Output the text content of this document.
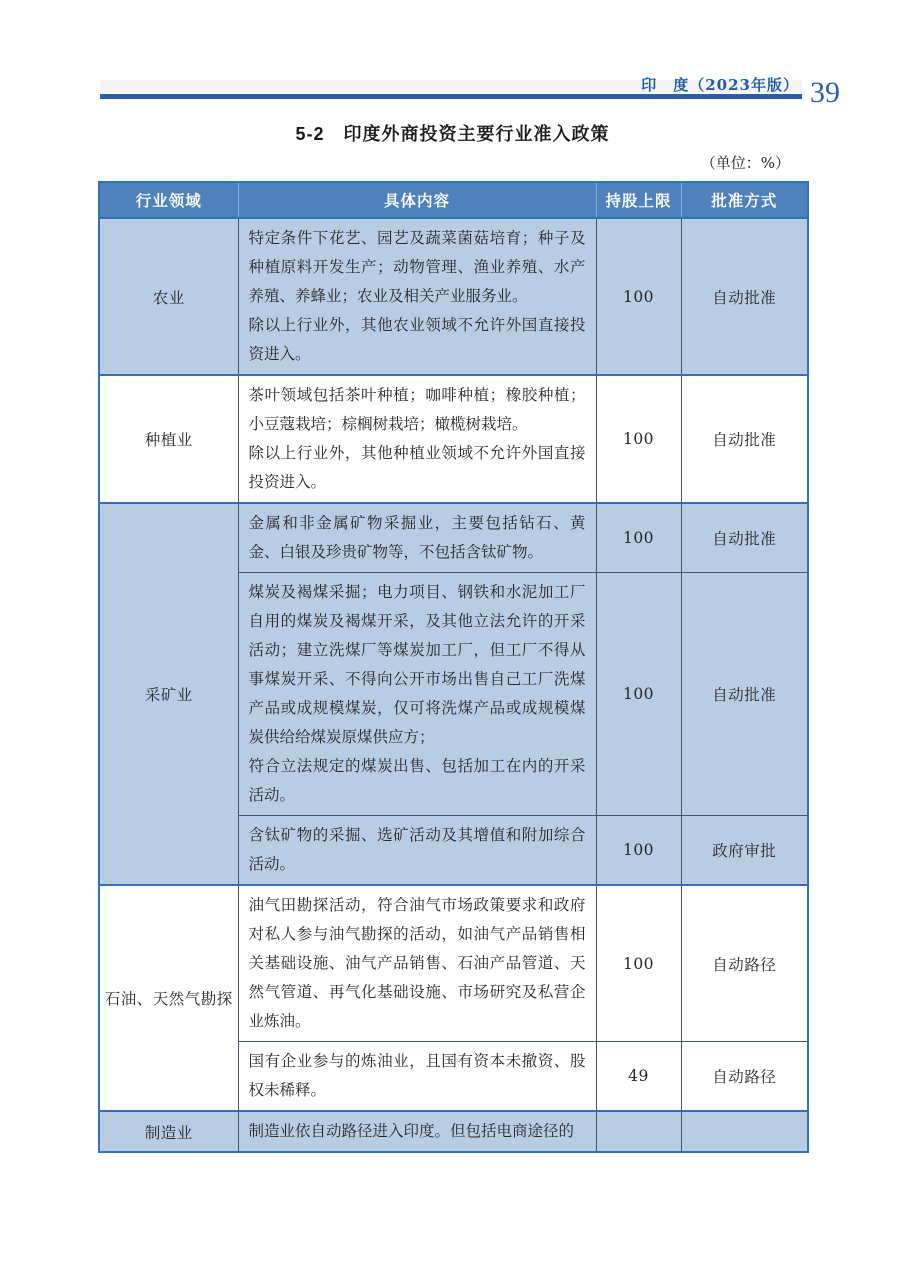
印　度（2023年版） 39
5-2　印度外商投资主要行业准入政策
（单位：%）
行业领域	具体内容	持股上限	批准方式
农业	特定条件下花艺、园艺及蔬菜菌菇培育；种子及种植原料开发生产；动物管理、渔业养殖、水产养殖、养蜂业；农业及相关产业服务业。

除以上行业外，其他农业领域不允许外国直接投资进入。	100	自动批准
种植业	茶叶领域包括茶叶种植；咖啡种植；橡胶种植；小豆蔻栽培；棕榈树栽培；橄榄树栽培。

除以上行业外，其他种植业领域不允许外国直接投资进入。	100	自动批准
采矿业	金属和非金属矿物采掘业，主要包括钻石、黄金、白银及珍贵矿物等，不包括含钛矿物。	100	自动批准

	煤炭及褐煤采掘；电力项目、钢铁和水泥加工厂自用的煤炭及褐煤开采，及其他立法允许的开采活动；建立洗煤厂等煤炭加工厂，但工厂不得从事煤炭开采、不得向公开市场出售自己工厂洗煤产品或成规模煤炭，仅可将洗煤产品或成规模煤炭供给给煤炭原煤供应方；

符合立法规定的煤炭出售、包括加工在内的开采活动。	100	自动批准

	含钛矿物的采掘、选矿活动及其增值和附加综合活动。	100	政府审批
石油、天然气勘探	油气田勘探活动，符合油气市场政策要求和政府对私人参与油气勘探的活动，如油气产品销售相关基础设施、油气产品销售、石油产品管道、天然气管道、再气化基础设施、市场研究及私营企业炼油。	100	自动路径

	国有企业参与的炼油业，且国有资本未撤资、股权未稀释。	49	自动路径
制造业	制造业依自动路径进入印度。但包括电商途径的		
